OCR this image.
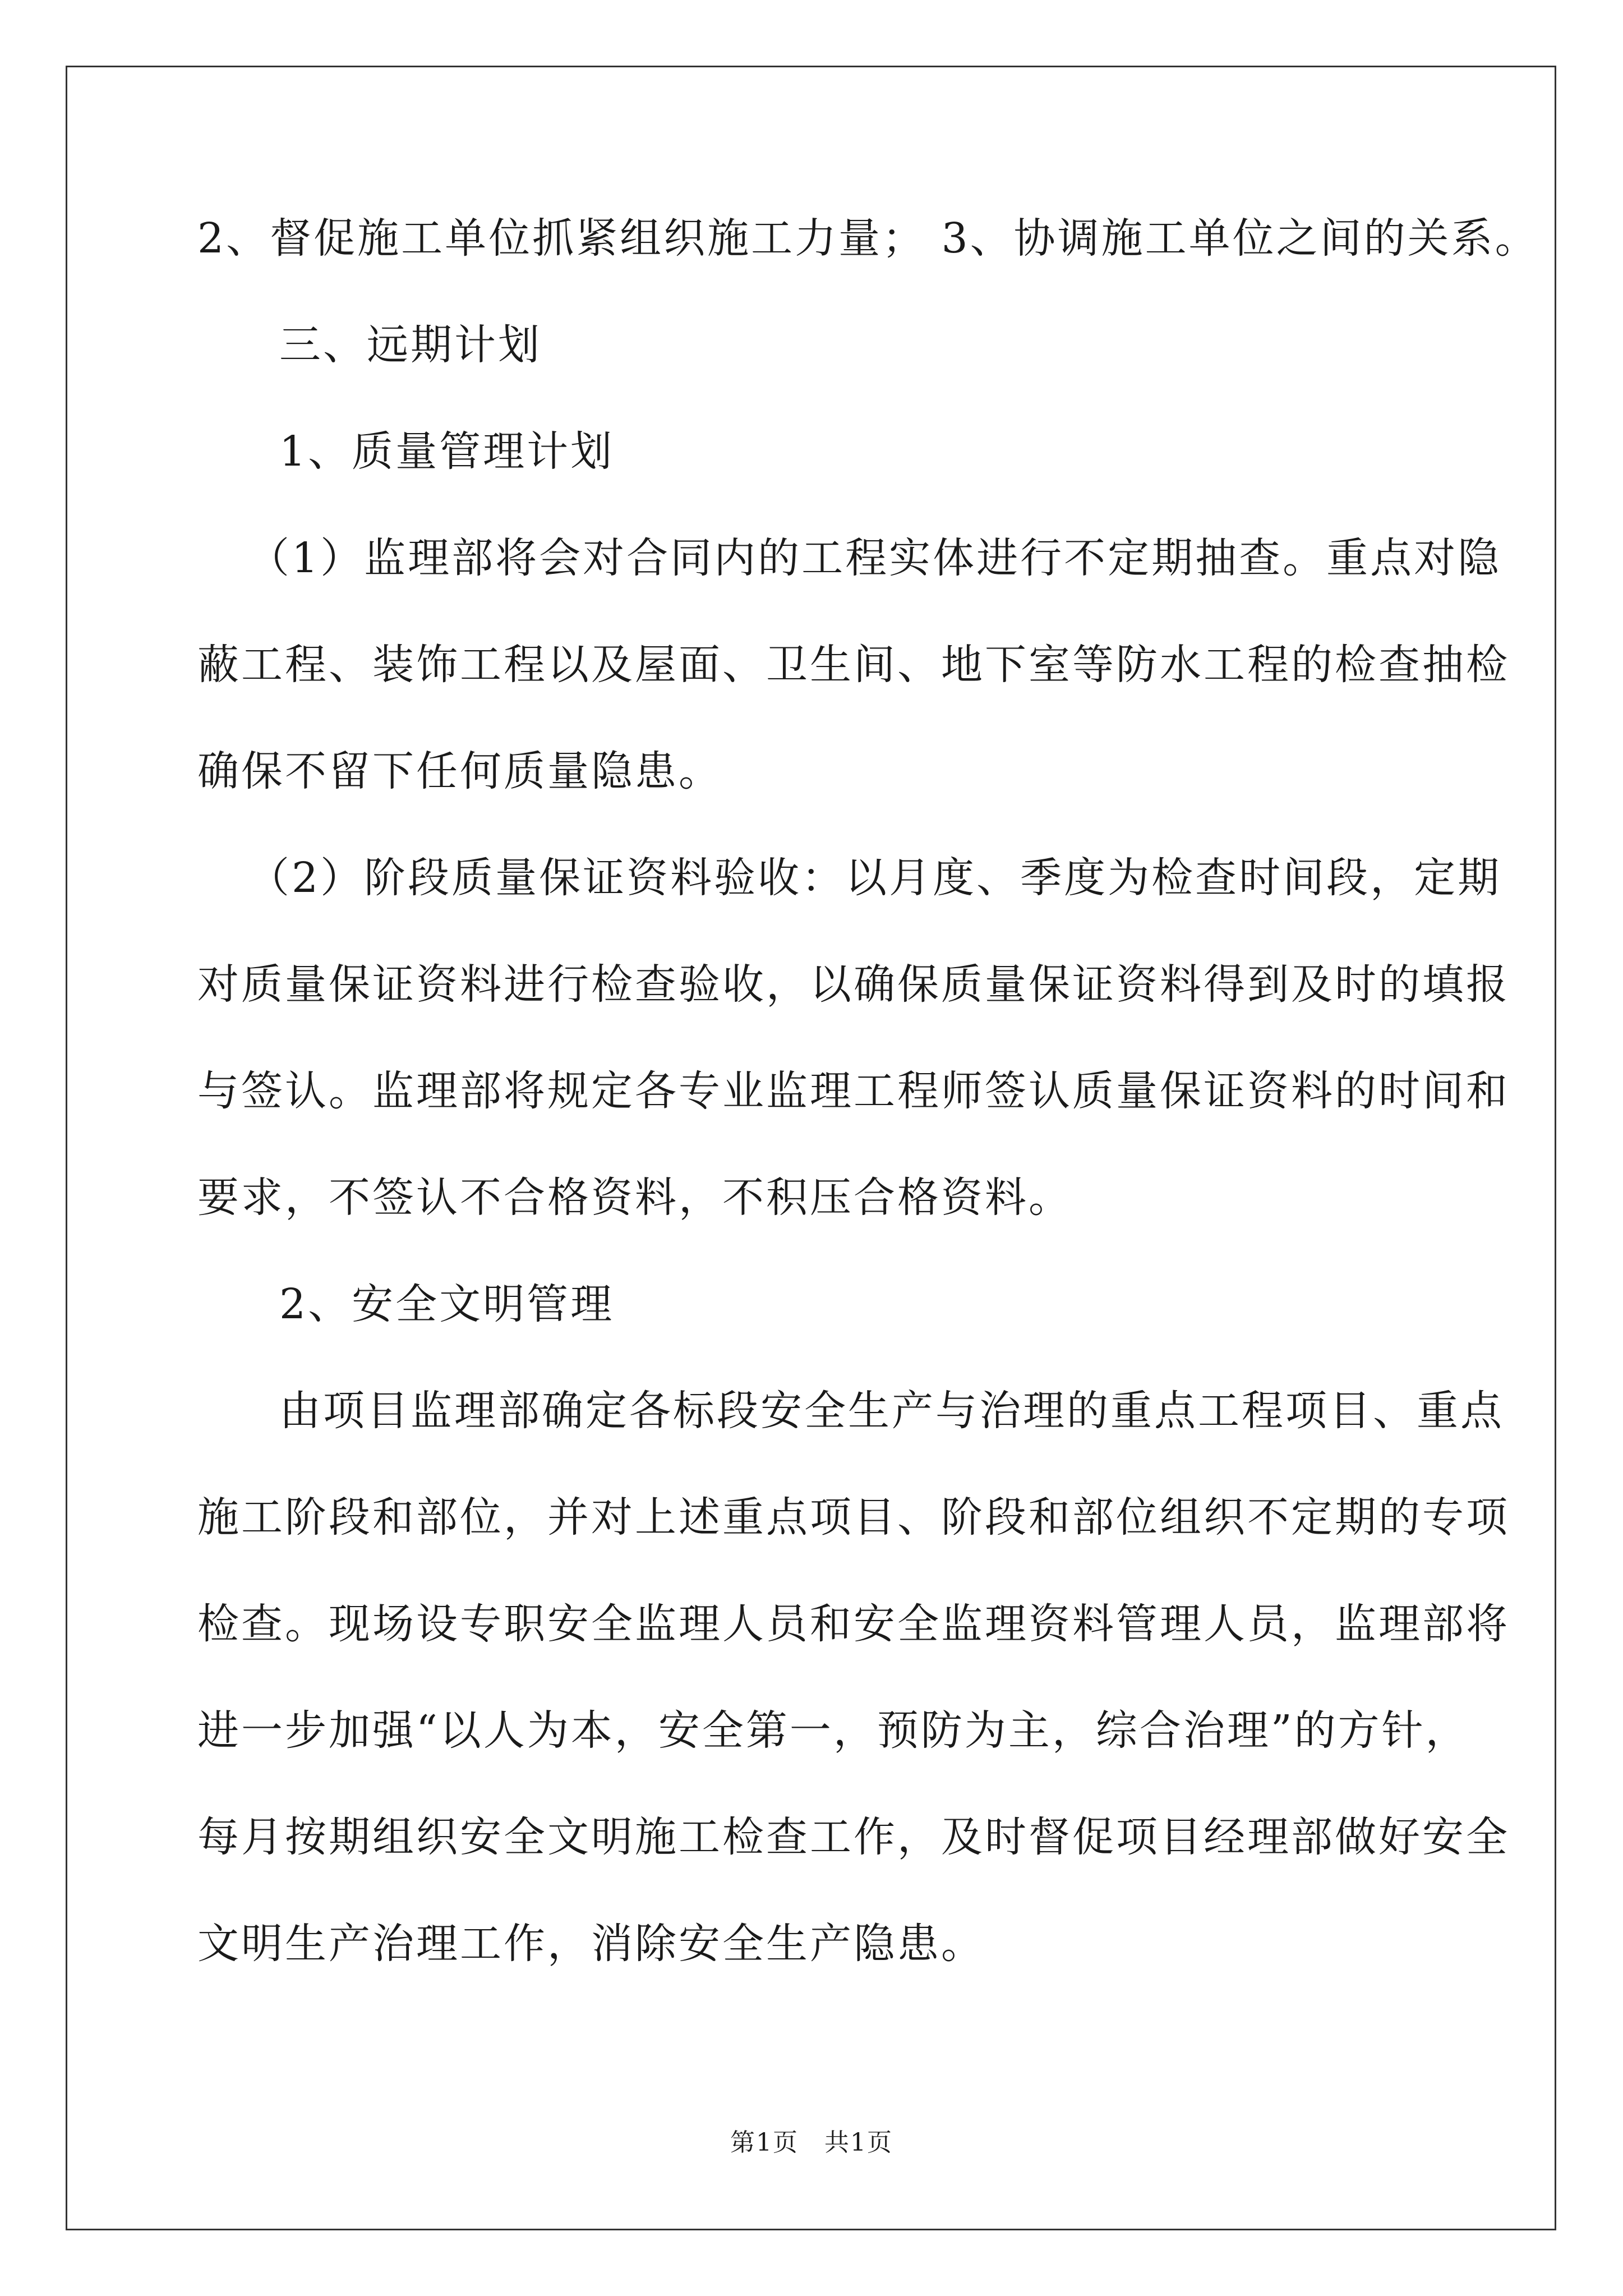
2、督促施工单位抓紧组织施工力量； 3、协调施工单位之间的关系。
三、远期计划
1、质量管理计划
（1）监理部将会对合同内的工程实体进行不定期抽查。重点对隐
蔽工程、装饰工程以及屋面、卫生间、地下室等防水工程的检查抽检
确保不留下任何质量隐患。
（2）阶段质量保证资料验收：以月度、季度为检查时间段，定期
对质量保证资料进行检查验收，以确保质量保证资料得到及时的填报
与签认。监理部将规定各专业监理工程师签认质量保证资料的时间和
要求，不签认不合格资料，不积压合格资料。
2、安全文明管理
由项目监理部确定各标段安全生产与治理的重点工程项目、重点
施工阶段和部位，并对上述重点项目、阶段和部位组织不定期的专项
检查。现场设专职安全监理人员和安全监理资料管理人员，监理部将
进一步加强“以人为本，安全第一，预防为主，综合治理”的方针，
每月按期组织安全文明施工检查工作，及时督促项目经理部做好安全
文明生产治理工作，消除安全生产隐患。
第1页　共1页
